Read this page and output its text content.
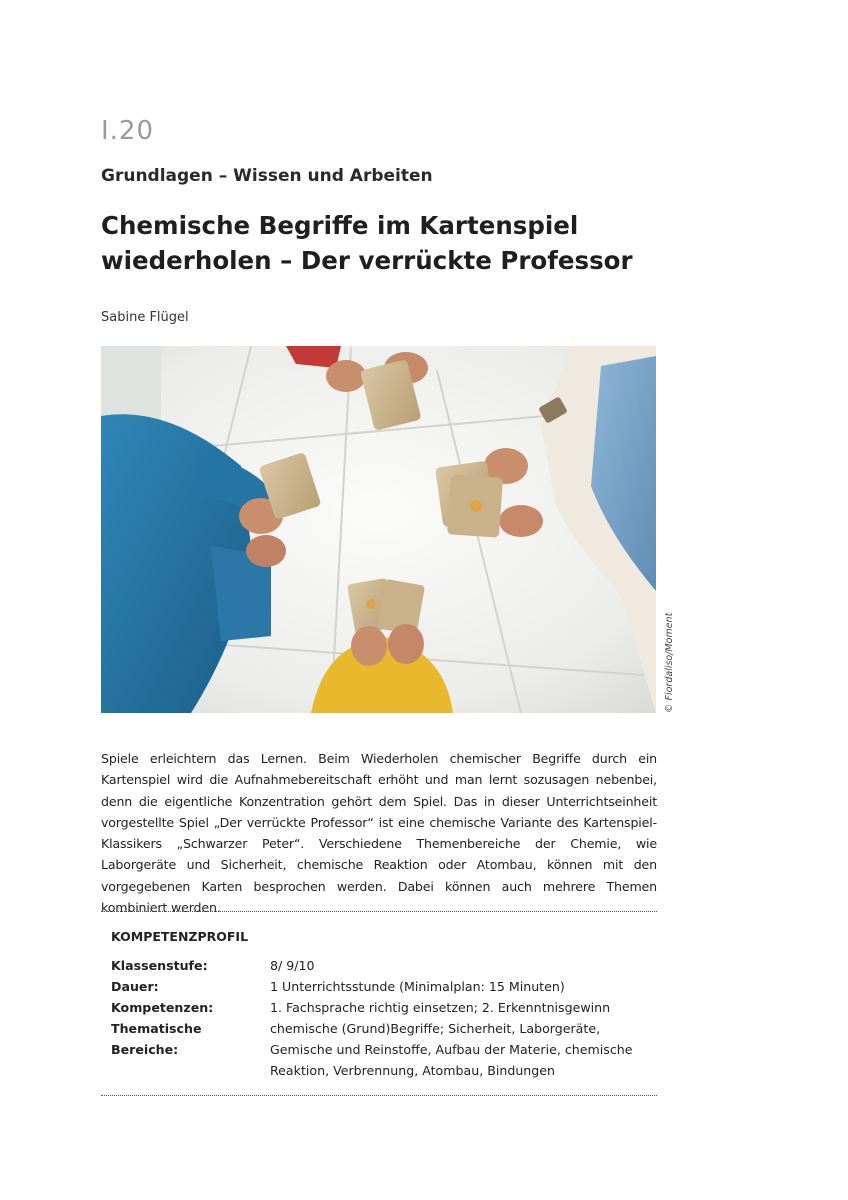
I.20
Grundlagen – Wissen und Arbeiten
Chemische Begriffe im Kartenspiel
wiederholen – Der verrückte Professor
Sabine Flügel
© Fiordaliso/Moment

Spiele erleichtern das Lernen. Beim Wiederholen chemischer Begriffe durch ein Kartenspiel wird die Aufnahmebereitschaft erhöht und man lernt sozusagen nebenbei, denn die eigentliche Konzentration gehört dem Spiel. Das in dieser Unterrichtseinheit vorgestellte Spiel „Der verrückte Professor“ ist eine chemische Variante des Kartenspiel-Klassikers „Schwarzer Peter“. Verschiedene Themenbereiche der Chemie, wie Laborgeräte und Sicherheit, chemische Reaktion oder Atombau, können mit den vorgegebenen Karten besprochen werden. Dabei können auch mehrere Themen kombiniert werden.

KOMPETENZPROFIL
Klassenstufe:	8/ 9/10
Dauer:	1 Unterrichtsstunde (Minimalplan: 15 Minuten)
Kompetenzen:	1. Fachsprache richtig einsetzen; 2. Erkenntnisgewinn
Thematische Bereiche:
chemische (Grund)Begriffe; Sicherheit, Laborgeräte, Gemische und Reinstoffe, Aufbau der Materie, chemische Reaktion, Verbrennung, Atombau, Bindungen
